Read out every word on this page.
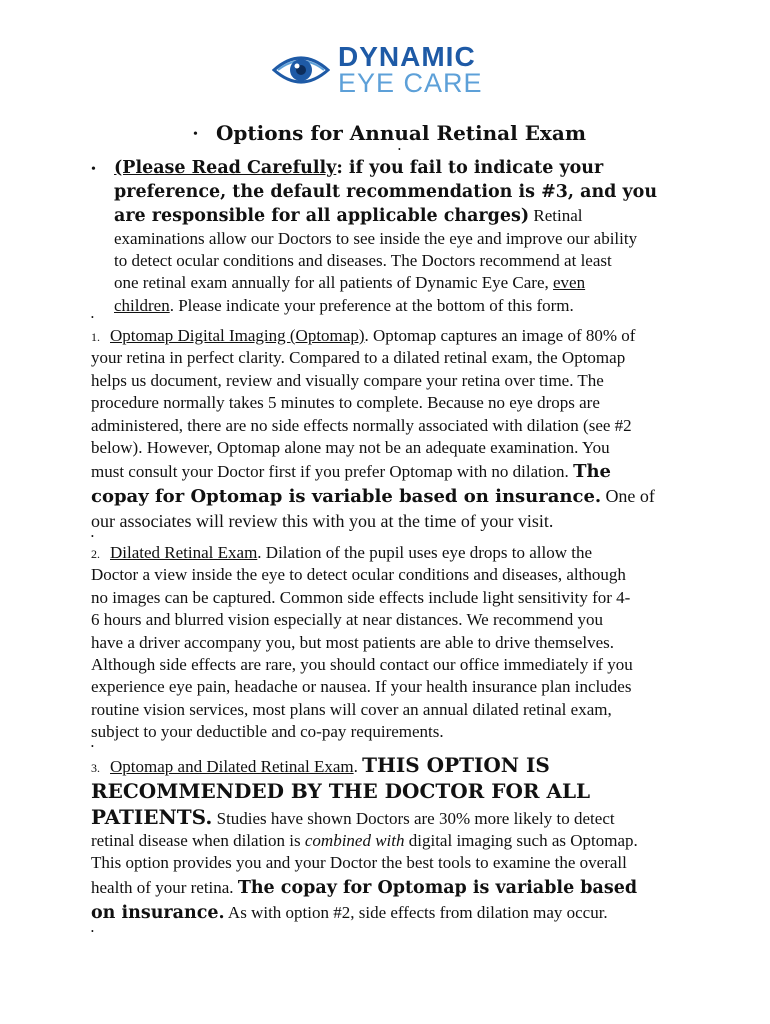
DYNAMIC
EYE CARE
• Options for Annual Retinal Exam
•
• (Please Read Carefully: if you fail to indicate your
preference, the default recommendation is #3, and you
are responsible for all applicable charges) Retinal
examinations allow our Doctors to see inside the eye and improve our ability
to detect ocular conditions and diseases. The Doctors recommend at least
one retinal exam annually for all patients of Dynamic Eye Care, even
children. Please indicate your preference at the bottom of this form.
•
1. Optomap Digital Imaging (Optomap). Optomap captures an image of 80% of
your retina in perfect clarity. Compared to a dilated retinal exam, the Optomap
helps us document, review and visually compare your retina over time. The
procedure normally takes 5 minutes to complete. Because no eye drops are
administered, there are no side effects normally associated with dilation (see #2
below). However, Optomap alone may not be an adequate examination. You
must consult your Doctor first if you prefer Optomap with no dilation. The
copay for Optomap is variable based on insurance. One of
our associates will review this with you at the time of your visit.
•
2. Dilated Retinal Exam. Dilation of the pupil uses eye drops to allow the
Doctor a view inside the eye to detect ocular conditions and diseases, although
no images can be captured. Common side effects include light sensitivity for 4-
6 hours and blurred vision especially at near distances. We recommend you
have a driver accompany you, but most patients are able to drive themselves.
Although side effects are rare, you should contact our office immediately if you
experience eye pain, headache or nausea. If your health insurance plan includes
routine vision services, most plans will cover an annual dilated retinal exam,
subject to your deductible and co-pay requirements.
•
3. Optomap and Dilated Retinal Exam. THIS OPTION IS
RECOMMENDED BY THE DOCTOR FOR ALL
PATIENTS. Studies have shown Doctors are 30% more likely to detect
retinal disease when dilation is combined with digital imaging such as Optomap.
This option provides you and your Doctor the best tools to examine the overall
health of your retina. The copay for Optomap is variable based
on insurance. As with option #2, side effects from dilation may occur.
•
